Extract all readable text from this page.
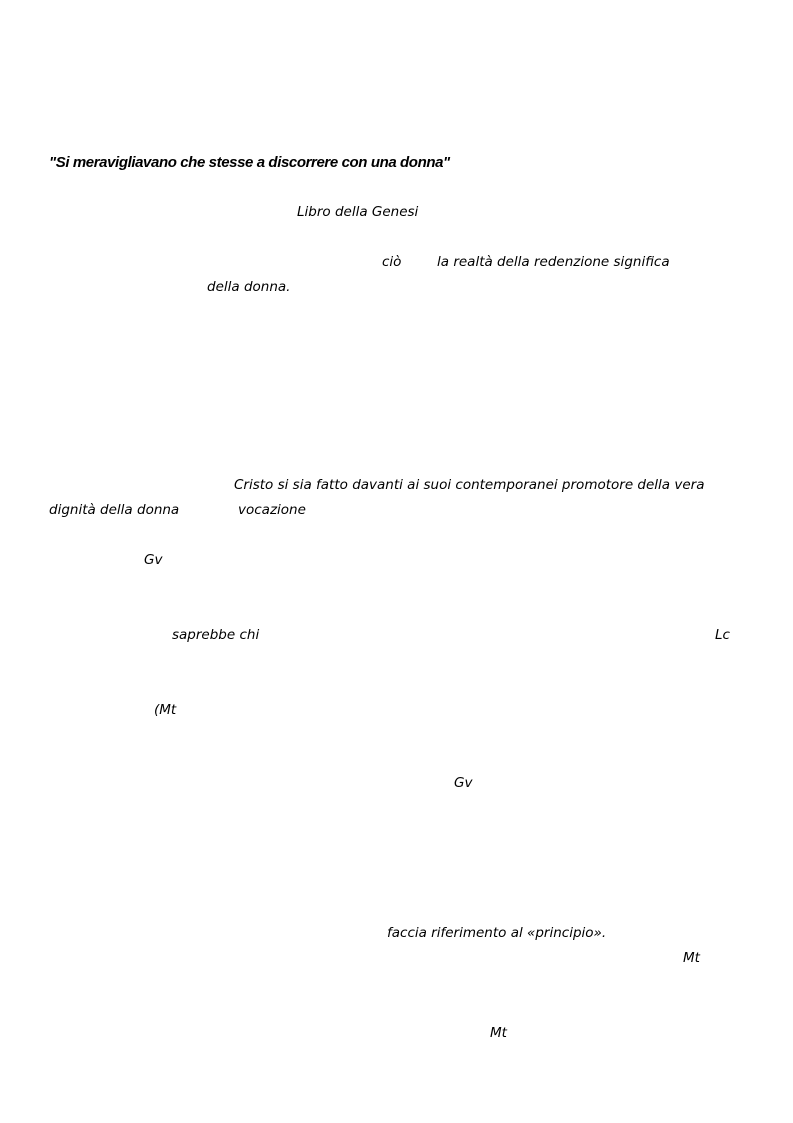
"Si meravigliavano che stesse a discorrere con una donna"
Libro della Genesi
ciò	la realtà della redenzione significa
della donna.
Cristo si sia fatto davanti ai suoi contemporanei promotore della vera
dignità della donna	vocazione
Gv
saprebbe chi	Lc
(Mt
Gv
faccia riferimento al «principio».
Mt
Mt
